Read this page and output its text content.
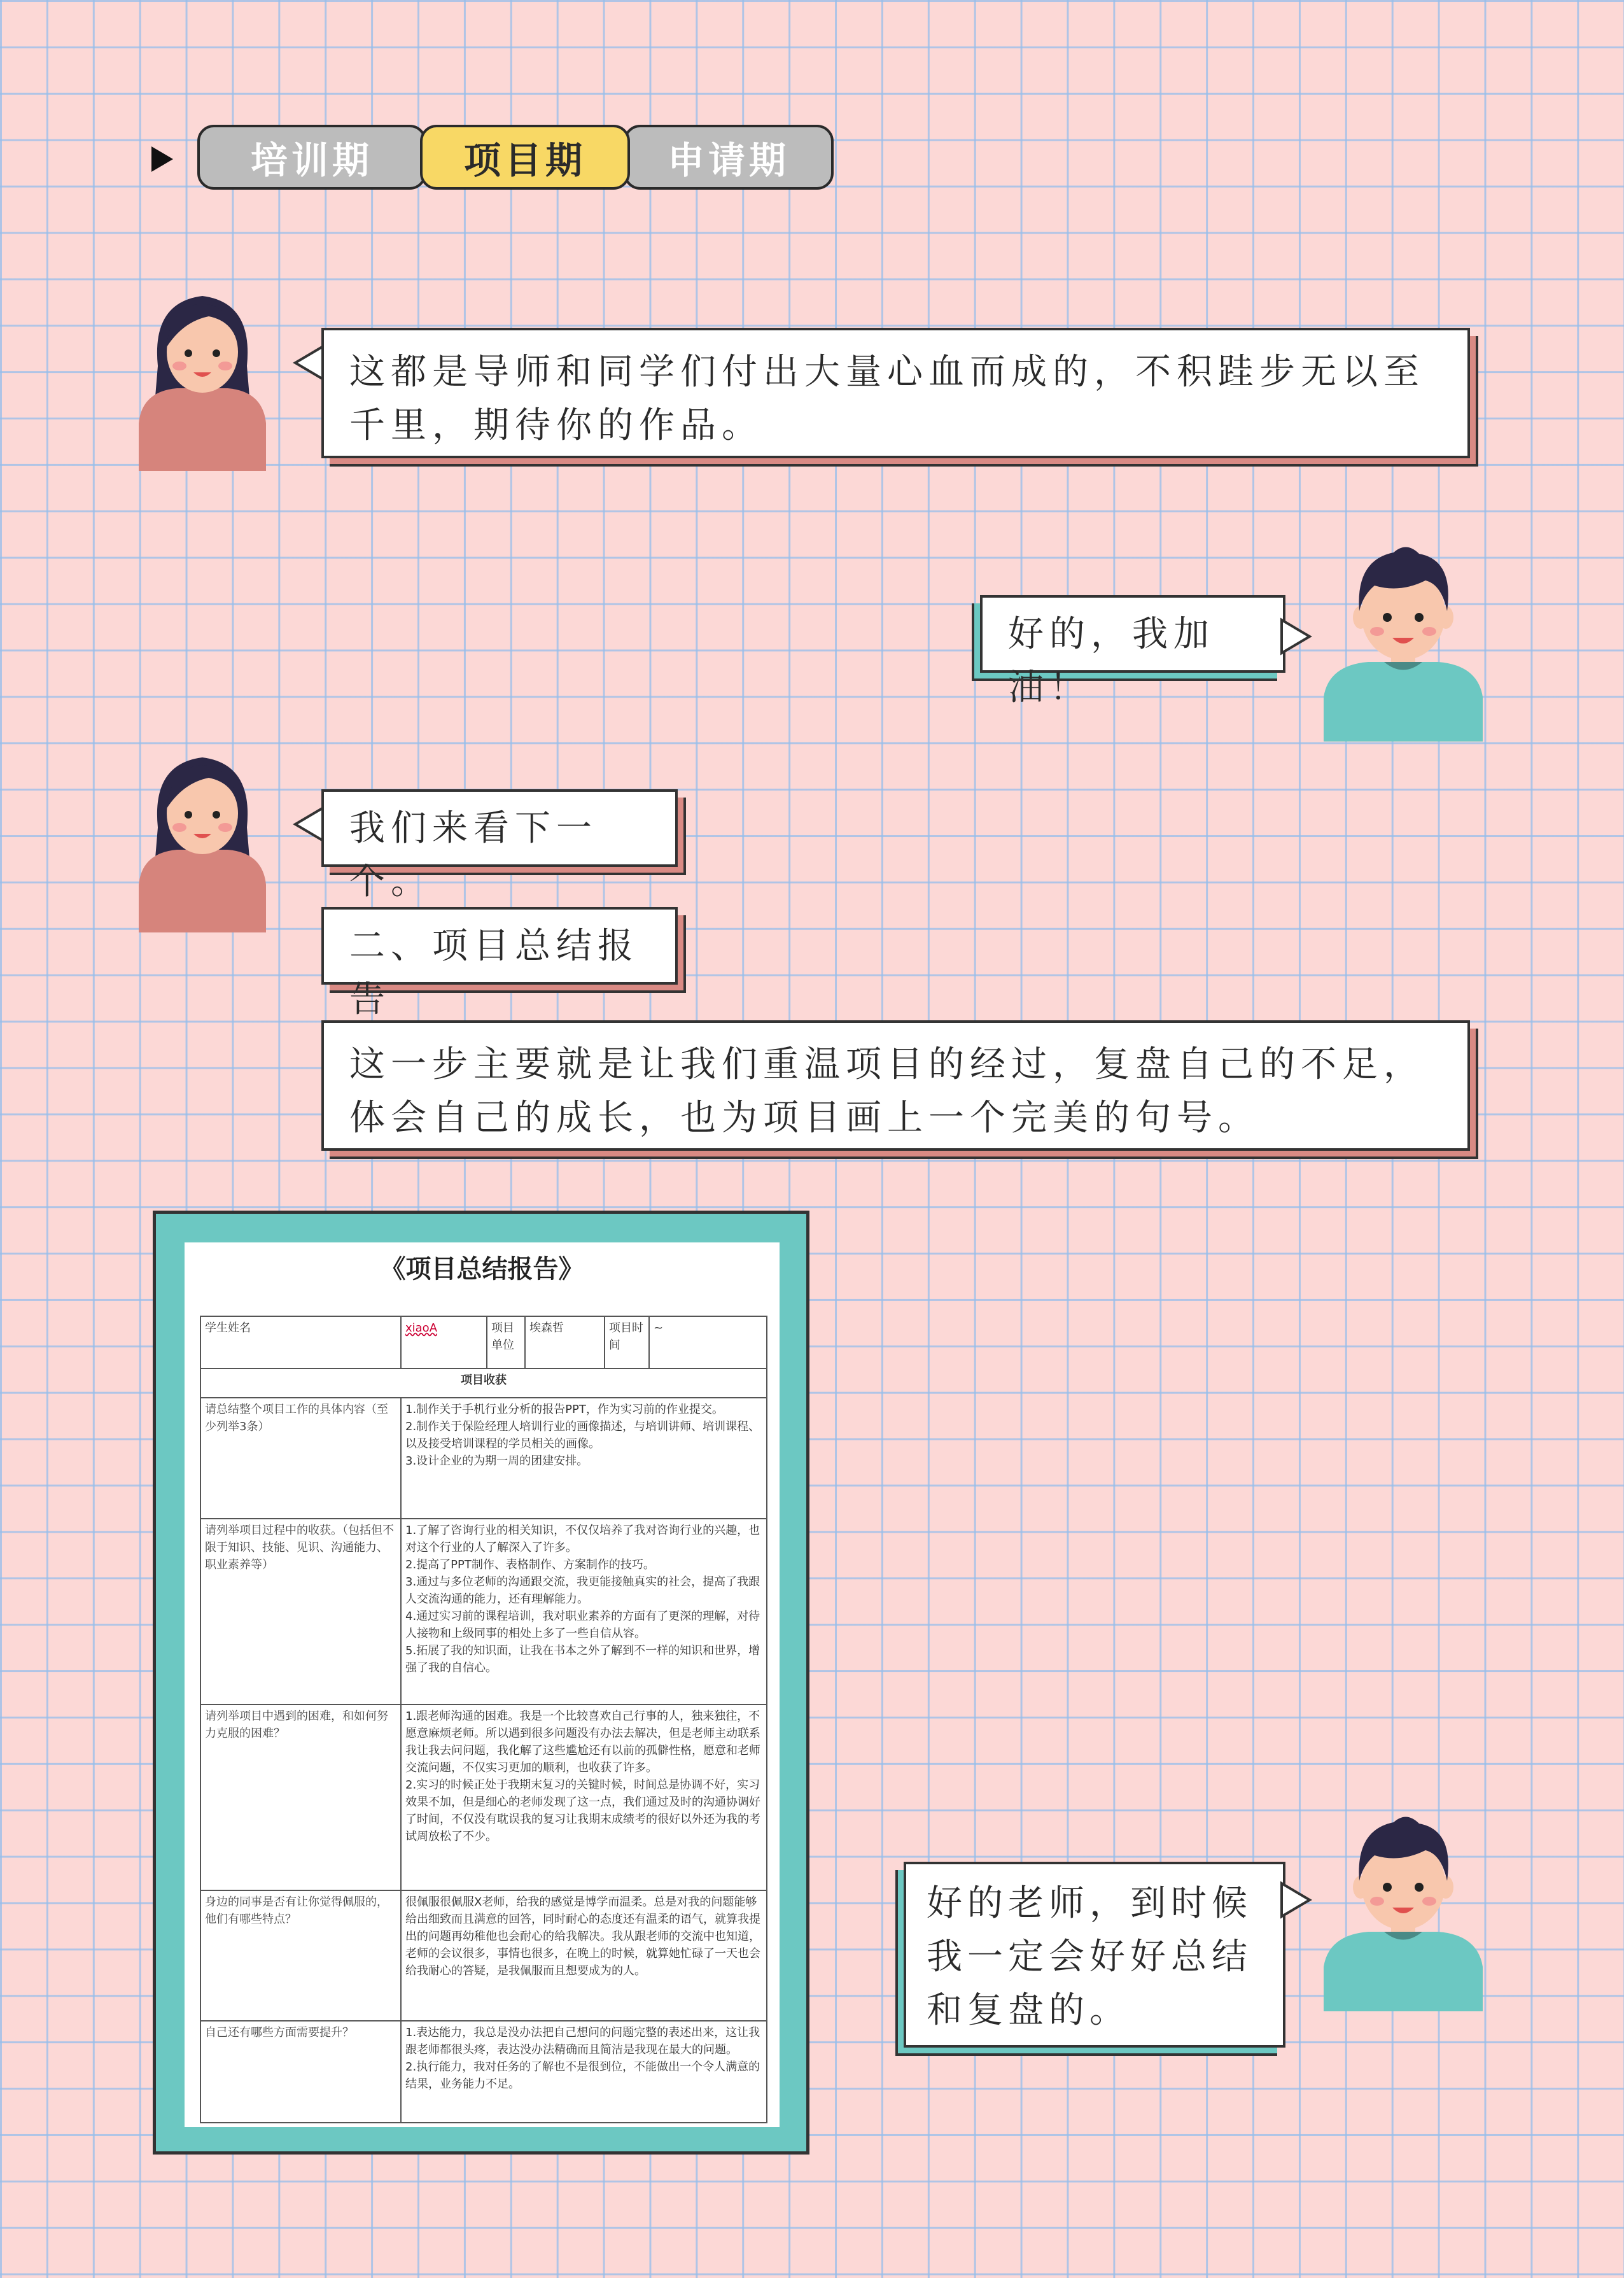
培训期	项目期	申请期
这都是导师和同学们付出大量心血而成的，不积跬步无以至千里，期待你的作品。
好的，我加油！
我们来看下一个。
二、项目总结报告
这一步主要就是让我们重温项目的经过，复盘自己的不足，体会自己的成长，也为项目画上一个完美的句号。
《项目总结报告》
学生姓名	xiaoA	项目单位	埃森哲	项目时间	~
项目收获					
请总结整个项目工作的具体内容（至少列举3条）	1.制作关于手机行业分析的报告PPT，作为实习前的作业提交。
2.制作关于保险经理人培训行业的画像描述，与培训讲师、培训课程、以及接受培训课程的学员相关的画像。
3.设计企业的为期一周的团建安排。				
请列举项目过程中的收获。（包括但不限于知识、技能、见识、沟通能力、职业素养等）	1.了解了咨询行业的相关知识，不仅仅培养了我对咨询行业的兴趣，也对这个行业的人了解深入了许多。
2.提高了PPT制作、表格制作、方案制作的技巧。
3.通过与多位老师的沟通跟交流，我更能接触真实的社会，提高了我跟人交流沟通的能力，还有理解能力。
4.通过实习前的课程培训，我对职业素养的方面有了更深的理解，对待人接物和上级同事的相处上多了一些自信从容。
5.拓展了我的知识面，让我在书本之外了解到不一样的知识和世界，增强了我的自信心。				
请列举项目中遇到的困难，和如何努力克服的困难？	1.跟老师沟通的困难。我是一个比较喜欢自己行事的人，独来独往，不愿意麻烦老师。所以遇到很多问题没有办法去解决，但是老师主动联系我让我去问问题，我化解了这些尴尬还有以前的孤僻性格，愿意和老师交流问题，不仅实习更加的顺利，也收获了许多。
2.实习的时候正处于我期末复习的关键时候，时间总是协调不好，实习效果不加，但是细心的老师发现了这一点，我们通过及时的沟通协调好了时间，不仅没有耽误我的复习让我期末成绩考的很好以外还为我的考试周放松了不少。				
身边的同事是否有让你觉得佩服的，他们有哪些特点？	很佩服很佩服X老师，给我的感觉是博学而温柔。总是对我的问题能够给出细致而且满意的回答，同时耐心的态度还有温柔的语气，就算我提出的问题再幼稚他也会耐心的给我解决。我从跟老师的交流中也知道，老师的会议很多，事情也很多，在晚上的时候，就算她忙碌了一天也会给我耐心的答疑，是我佩服而且想要成为的人。				
自己还有哪些方面需要提升？	1.表达能力，我总是没办法把自己想问的问题完整的表述出来，这让我跟老师都很头疼，表达没办法精确而且简洁是我现在最大的问题。
2.执行能力，我对任务的了解也不是很到位，不能做出一个令人满意的结果，业务能力不足。				
好的老师，到时候我一定会好好总结和复盘的。
